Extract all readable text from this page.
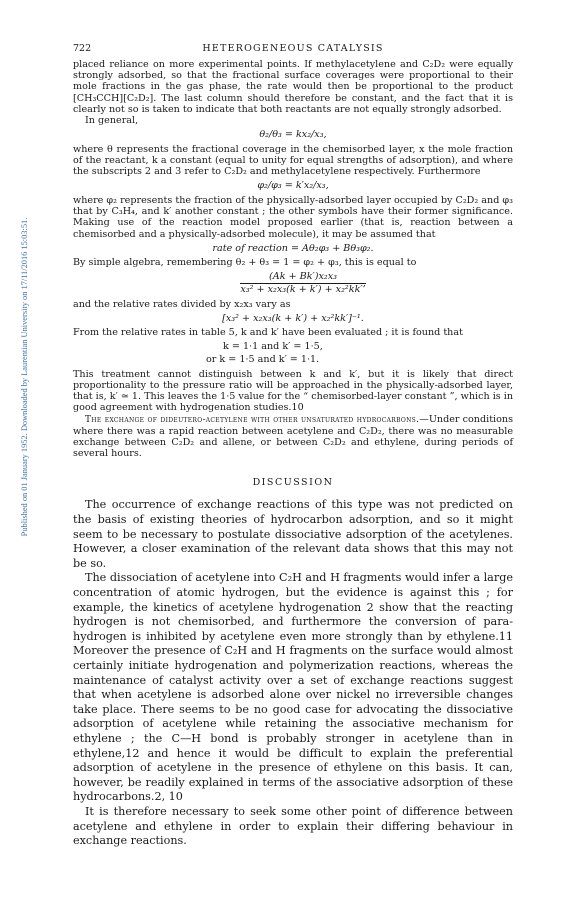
Published on 01 January 1952. Downloaded by Laurentian University on 17/11/2016 15:03:51.
722	HETEROGENEOUS CATALYSIS

placed reliance on more experimental points. If methylacetylene and C₂D₂ were equally strongly adsorbed, so that the fractional surface coverages were proportional to their mole fractions in the gas phase, the rate would then be proportional to the product [CH₃CCH][C₂D₂]. The last column should therefore be constant, and the fact that it is clearly not so is taken to indicate that both reactants are not equally strongly adsorbed.

In general,

θ₂/θ₃ = kx₂/x₃,

where θ represents the fractional coverage in the chemisorbed layer, x the mole fraction of the reactant, k a constant (equal to unity for equal strengths of adsorption), and where the subscripts 2 and 3 refer to C₂D₂ and methylacetylene respectively. Furthermore

φ₂/φ₃ = k′x₂/x₃,

where φ₂ represents the fraction of the physically-adsorbed layer occupied by C₂D₂ and φ₃ that by C₃H₄, and k′ another constant ; the other symbols have their former significance. Making use of the reaction model proposed earlier (that is, reaction between a chemisorbed and a physically-adsorbed molecule), it may be assumed that

rate of reaction = Aθ₂φ₃ + Bθ₃φ₂.

By simple algebra, remembering θ₂ + θ₃ = 1 = φ₂ + φ₃, this is equal to

$\frac{\text{(Ak + Bk′)x₂x₃}}{\text{x₃² + x₂x₃(k + k′) + x₂²kk′’}}$

and the relative rates divided by x₂x₃ vary as

[x₃² + x₂x₃(k + k′) + x₂²kk′]⁻¹.

From the relative rates in table 5, k and k′ have been evaluated ; it is found that

k = 1·1 and k′ = 1·5,
or k = 1·5 and k′ = 1·1.

This treatment cannot distinguish between k and k′, but it is likely that direct proportionality to the pressure ratio will be approached in the physically-adsorbed layer, that is, k′ ≃ 1. This leaves the 1·5 value for the “ chemisorbed-layer constant ”, which is in good agreement with hydrogenation studies.10

The exchange of dideutero-acetylene with other unsaturated hydrocarbons.—Under conditions where there was a rapid reaction between acetylene and C₂D₂, there was no measurable exchange between C₂D₂ and allene, or between C₂D₂ and ethylene, during periods of several hours.

DISCUSSION

The occurrence of exchange reactions of this type was not predicted on the basis of existing theories of hydrocarbon adsorption, and so it might seem to be necessary to postulate dissociative adsorption of the acetylenes. However, a closer examination of the relevant data shows that this may not be so.

The dissociation of acetylene into C₂H and H fragments would infer a large concentration of atomic hydrogen, but the evidence is against this ; for example, the kinetics of acetylene hydrogenation 2 show that the reacting hydrogen is not chemisorbed, and furthermore the conversion of para-hydrogen is inhibited by acetylene even more strongly than by ethylene.11 Moreover the presence of C₂H and H fragments on the surface would almost certainly initiate hydrogenation and polymerization reactions, whereas the maintenance of catalyst activity over a set of exchange reactions suggest that when acetylene is adsorbed alone over nickel no irreversible changes take place. There seems to be no good case for advocating the dissociative adsorption of acetylene while retaining the associative mechanism for ethylene ; the C—H bond is probably stronger in acetylene than in ethylene,12 and hence it would be difficult to explain the preferential adsorption of acetylene in the presence of ethylene on this basis. It can, however, be readily explained in terms of the associative adsorption of these hydrocarbons.2, 10

It is therefore necessary to seek some other point of difference between acetylene and ethylene in order to explain their differing behaviour in exchange reactions.
